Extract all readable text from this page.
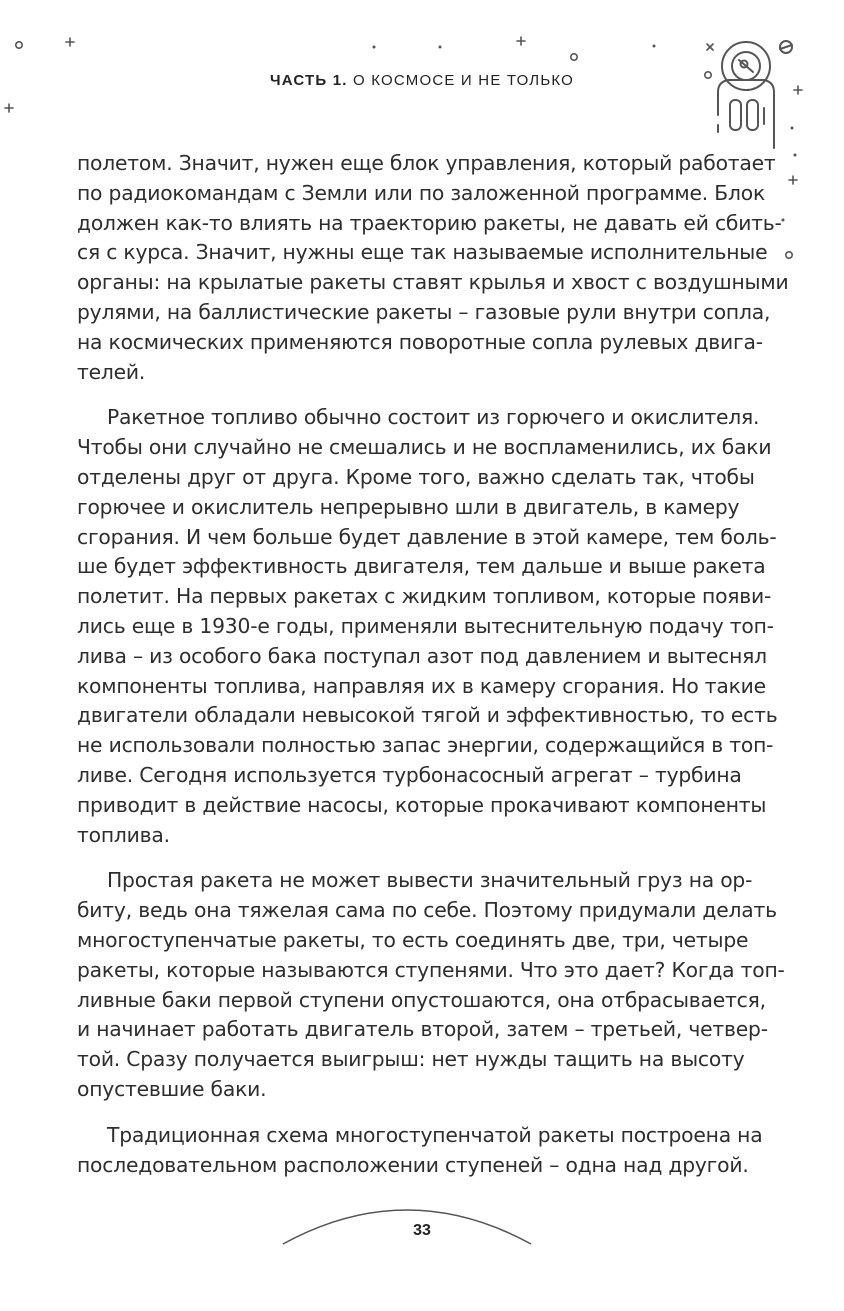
ЧАСТЬ 1. О КОСМОСЕ И НЕ ТОЛЬКО
полетом. Значит, нужен еще блок управления, который работает
по радиокомандам с Земли или по заложенной программе. Блок
должен как-то влиять на траекторию ракеты, не давать ей сбить-
ся с курса. Значит, нужны еще так называемые исполнительные
органы: на крылатые ракеты ставят крылья и хвост с воздушными
рулями, на баллистические ракеты – газовые рули внутри сопла,
на космических применяются поворотные сопла рулевых двига-
телей.
Ракетное топливо обычно состоит из горючего и окислителя.
Чтобы они случайно не смешались и не воспламенились, их баки
отделены друг от друга. Кроме того, важно сделать так, чтобы
горючее и окислитель непрерывно шли в двигатель, в камеру
сгорания. И чем больше будет давление в этой камере, тем боль-
ше будет эффективность двигателя, тем дальше и выше ракета
полетит. На первых ракетах с жидким топливом, которые появи-
лись еще в 1930-е годы, применяли вытеснительную подачу топ-
лива – из особого бака поступал азот под давлением и вытеснял
компоненты топлива, направляя их в камеру сгорания. Но такие
двигатели обладали невысокой тягой и эффективностью, то есть
не использовали полностью запас энергии, содержащийся в топ-
ливе. Сегодня используется турбонасосный агрегат – турбина
приводит в действие насосы, которые прокачивают компоненты
топлива.
Простая ракета не может вывести значительный груз на ор-
биту, ведь она тяжелая сама по себе. Поэтому придумали делать
многоступенчатые ракеты, то есть соединять две, три, четыре
ракеты, которые называются ступенями. Что это дает? Когда топ-
ливные баки первой ступени опустошаются, она отбрасывается,
и начинает работать двигатель второй, затем – третьей, четвер-
той. Сразу получается выигрыш: нет нужды тащить на высоту
опустевшие баки.
Традиционная схема многоступенчатой ракеты построена на
последовательном расположении ступеней – одна над другой.
33
